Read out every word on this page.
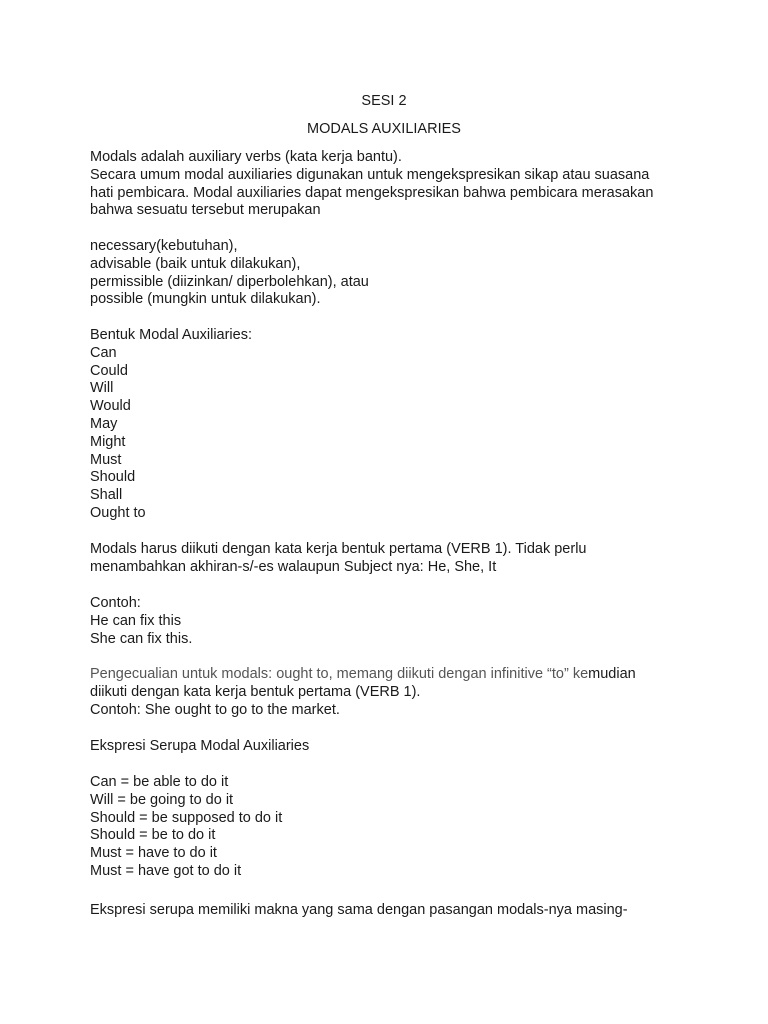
SESI 2
MODALS AUXILIARIES
Modals adalah auxiliary verbs (kata kerja bantu).
Secara umum modal auxiliaries digunakan untuk mengekspresikan sikap atau suasana
hati pembicara. Modal auxiliaries dapat mengekspresikan bahwa pembicara merasakan
bahwa sesuatu tersebut merupakan
necessary(kebutuhan),
advisable (baik untuk dilakukan),
permissible (diizinkan/ diperbolehkan), atau
possible (mungkin untuk dilakukan).
Bentuk Modal Auxiliaries:
Can
Could
Will
Would
May
Might
Must
Should
Shall
Ought to
Modals harus diikuti dengan kata kerja bentuk pertama (VERB 1). Tidak perlu
menambahkan akhiran-s/-es walaupun Subject nya: He, She, It
Contoh:
He can fix this
She can fix this.
Pengecualian untuk modals: ought to, memang diikuti dengan infinitive “to” kemudian
diikuti dengan kata kerja bentuk pertama (VERB 1).
Contoh: She ought to go to the market.
Ekspresi Serupa Modal Auxiliaries
Can = be able to do it
Will = be going to do it
Should = be supposed to do it
Should = be to do it
Must = have to do it
Must = have got to do it
Ekspresi serupa memiliki makna yang sama dengan pasangan modals-nya masing-
